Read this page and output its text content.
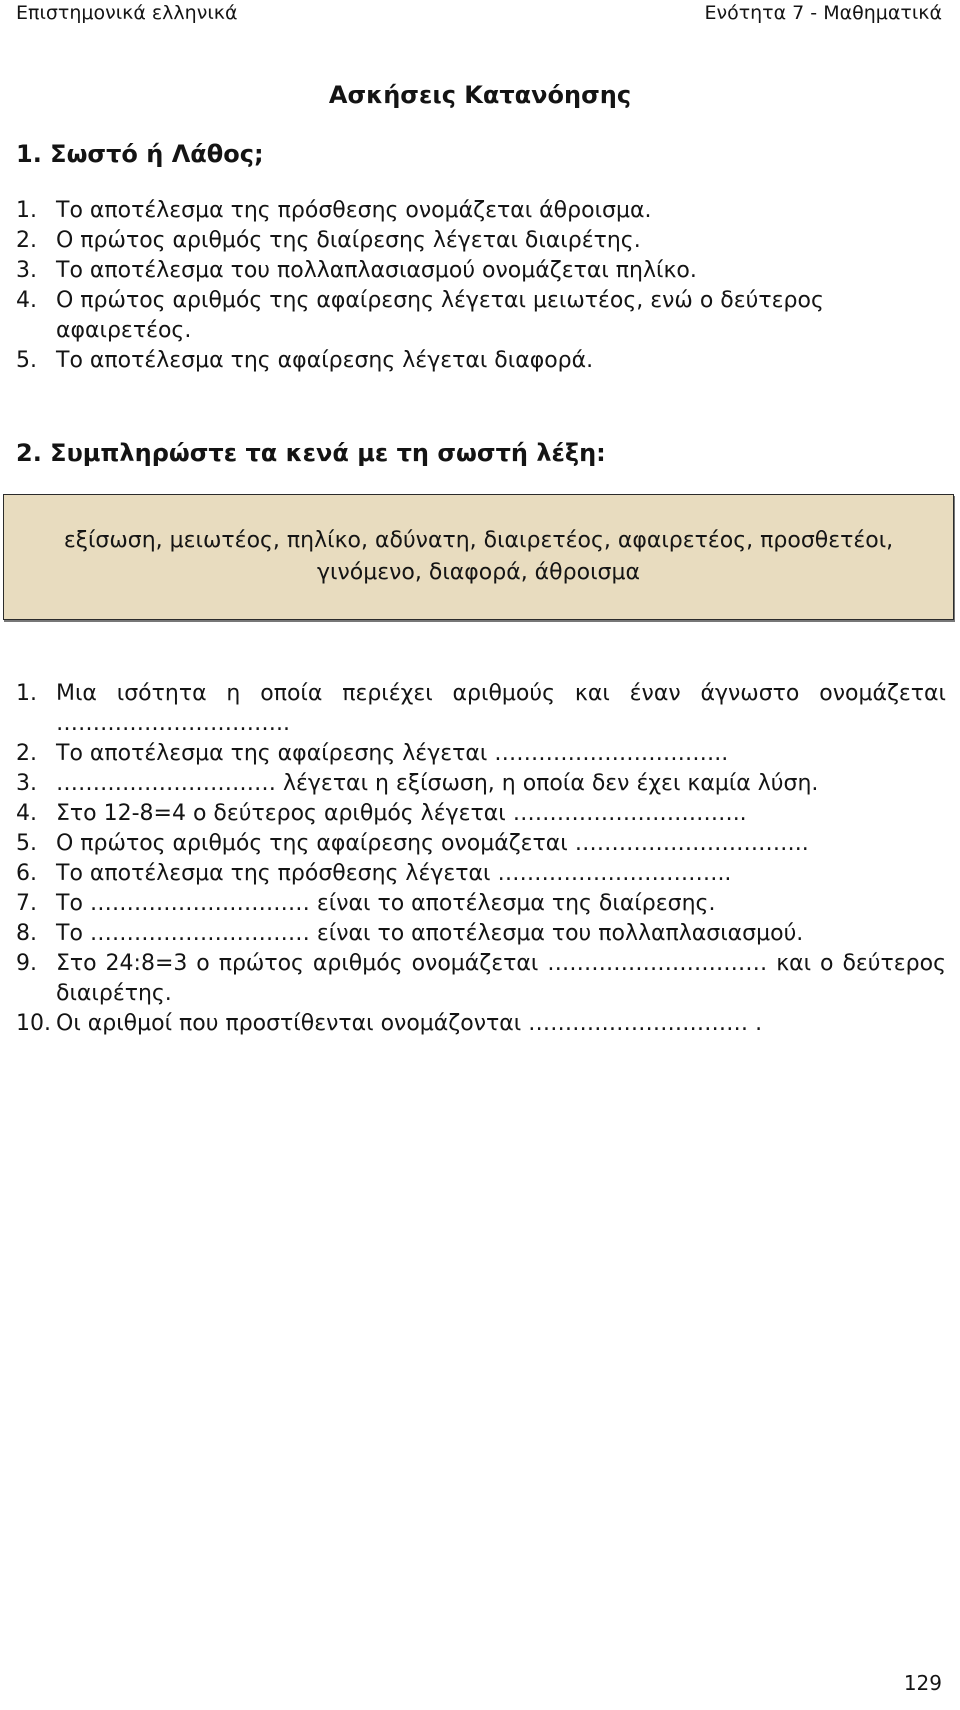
Επιστημονικά ελληνικά	Ενότητα 7 - Μαθηματικά
Ασκήσεις Κατανόησης
1. Σωστό ή Λάθος;
1. Το αποτέλεσμα της πρόσθεσης ονομάζεται άθροισμα.
2. Ο πρώτος αριθμός της διαίρεσης λέγεται διαιρέτης.
3. Το αποτέλεσμα του πολλαπλασιασμού ονομάζεται πηλίκο.
4. Ο πρώτος αριθμός της αφαίρεσης λέγεται μειωτέος, ενώ ο δεύτερος αφαιρετέος.
5. Το αποτέλεσμα της αφαίρεσης λέγεται διαφορά.
2. Συμπληρώστε τα κενά με τη σωστή λέξη:
εξίσωση, μειωτέος, πηλίκο, αδύνατη, διαιρετέος, αφαιρετέος, προσθετέοι, γινόμενο, διαφορά, άθροισμα
1. Μια ισότητα η οποία περιέχει αριθμούς και έναν άγνωστο ονομάζεται …………………………..
2. Το αποτέλεσμα της αφαίρεσης λέγεται …………………………..
3. ………………………… λέγεται η εξίσωση, η οποία δεν έχει καμία λύση.
4. Στο 12-8=4 ο δεύτερος αριθμός λέγεται …………………………..
5. Ο πρώτος αριθμός της αφαίρεσης ονομάζεται …………………………..
6. Το αποτέλεσμα της πρόσθεσης λέγεται …………………………..
7. Το ………………………… είναι το αποτέλεσμα της διαίρεσης.
8. Το ………………………… είναι το αποτέλεσμα του πολλαπλασιασμού.
9. Στο 24:8=3 ο πρώτος αριθμός ονομάζεται ………………………… και ο δεύτερος διαιρέτης.
10. Οι αριθμοί που προστίθενται ονομάζονται ………………………… .
129
